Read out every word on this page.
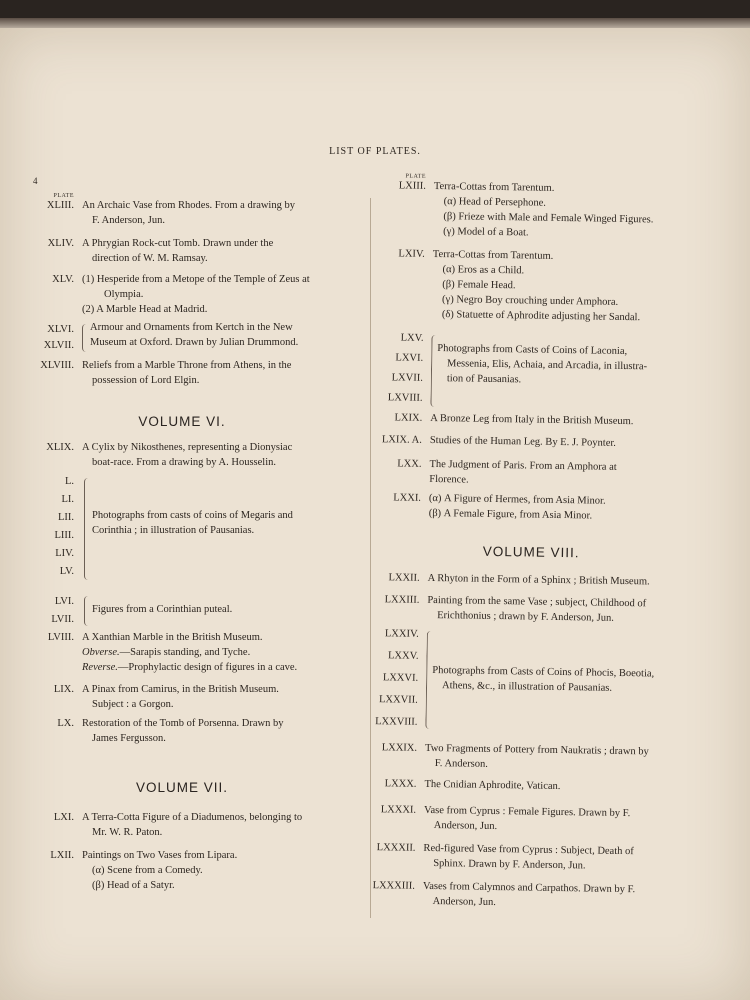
LIST OF PLATES.
4
PLATE
XLIII. An Archaic Vase from Rhodes. From a drawing by
F. Anderson, Jun.
XLIV. A Phrygian Rock-cut Tomb. Drawn under the
direction of W. M. Ramsay.
XLV. (1) Hesperide from a Metope of the Temple of Zeus at
Olympia.
(2) A Marble Head at Madrid.
XLVI.
XLVII.
Armour and Ornaments from Kertch in the New
Museum at Oxford. Drawn by Julian Drummond.
XLVIII. Reliefs from a Marble Throne from Athens, in the
possession of Lord Elgin.
VOLUME VI.
XLIX. A Cylix by Nikosthenes, representing a Dionysiac
boat-race. From a drawing by A. Housselin.
L.
LI.
LII.
LIII.
LIV.
LV.
Photographs from casts of coins of Megaris and
Corinthia ; in illustration of Pausanias.
LVI.
LVII.
Figures from a Corinthian puteal.
LVIII. A Xanthian Marble in the British Museum.
Obverse.—Sarapis standing, and Tyche.
Reverse.—Prophylactic design of figures in a cave.
LIX. A Pinax from Camirus, in the British Museum.
Subject : a Gorgon.
LX. Restoration of the Tomb of Porsenna. Drawn by
James Fergusson.
VOLUME VII.
LXI. A Terra-Cotta Figure of a Diadumenos, belonging to
Mr. W. R. Paton.
LXII. Paintings on Two Vases from Lipara.
(α) Scene from a Comedy.
(β) Head of a Satyr.
PLATE
LXIII. Terra-Cottas from Tarentum.
(α) Head of Persephone.
(β) Frieze with Male and Female Winged Figures.
(γ) Model of a Boat.
LXIV. Terra-Cottas from Tarentum.
(α) Eros as a Child.
(β) Female Head.
(γ) Negro Boy crouching under Amphora.
(δ) Statuette of Aphrodite adjusting her Sandal.
LXV.
LXVI.
LXVII.
LXVIII.
Photographs from Casts of Coins of Laconia,
Messenia, Elis, Achaia, and Arcadia, in illustra-
tion of Pausanias.
LXIX. A Bronze Leg from Italy in the British Museum.
LXIX. A. Studies of the Human Leg. By E. J. Poynter.
LXX. The Judgment of Paris. From an Amphora at
Florence.
LXXI. (α) A Figure of Hermes, from Asia Minor.
(β) A Female Figure, from Asia Minor.
VOLUME VIII.
LXXII. A Rhyton in the Form of a Sphinx ; British Museum.
LXXIII. Painting from the same Vase ; subject, Childhood of
Erichthonius ; drawn by F. Anderson, Jun.
LXXIV.
LXXV.
LXXVI.
LXXVII.
LXXVIII.
Photographs from Casts of Coins of Phocis, Boeotia,
Athens, &c., in illustration of Pausanias.
LXXIX. Two Fragments of Pottery from Naukratis ; drawn by
F. Anderson.
LXXX. The Cnidian Aphrodite, Vatican.
LXXXI. Vase from Cyprus : Female Figures. Drawn by F.
Anderson, Jun.
LXXXII. Red-figured Vase from Cyprus : Subject, Death of
Sphinx. Drawn by F. Anderson, Jun.
LXXXIII. Vases from Calymnos and Carpathos. Drawn by F.
Anderson, Jun.
